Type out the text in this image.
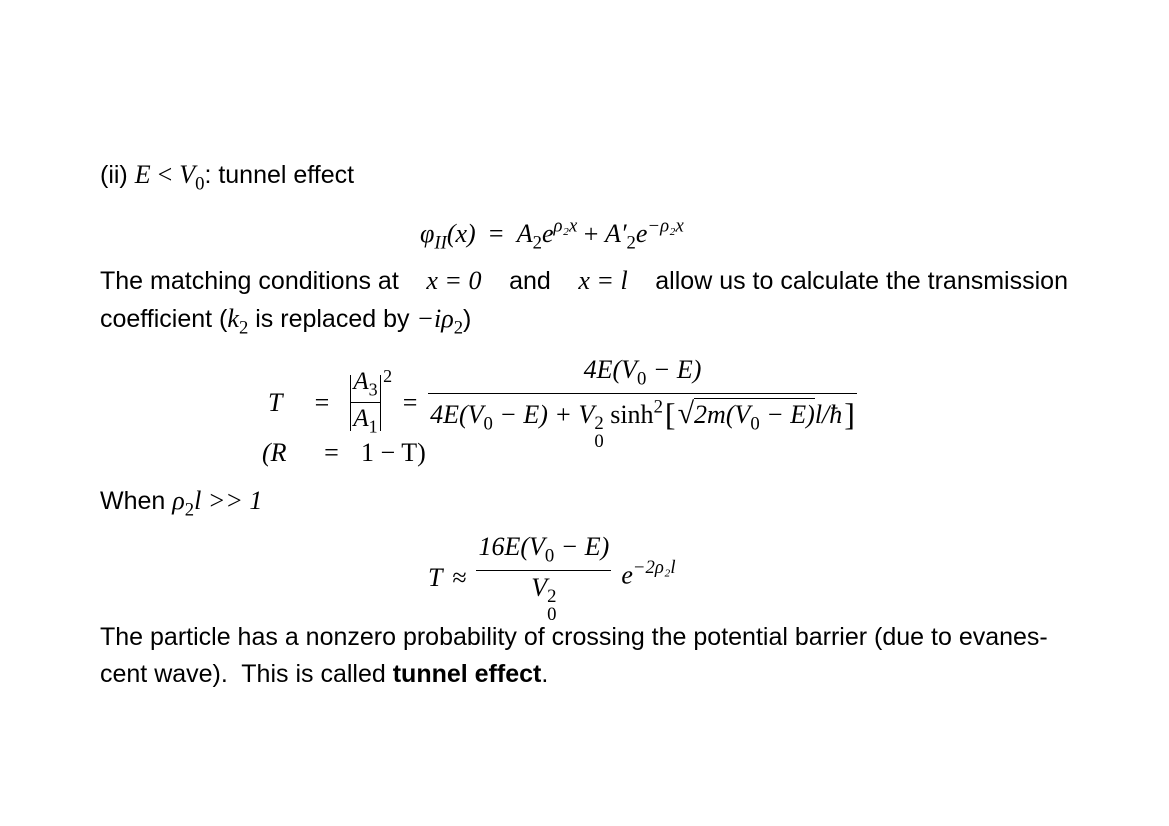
(ii) $E < V_0$: tunnel effect
$\varphi_{II}(x) = A_2e^{\rho_2x} + A'_2e^{-\rho_2x}$
The matching conditions at x = 0 and x = l allow us to calculate the transmission
coefficient ($k_2$ is replaced by $-i\rho_2$)
T	= $\frac{A_3}{A_1} 2$
= $4E(V_0 - E)$
$4E(V_0 - E) + V$ 2
0
$\sinh^2[√2m(V_0$ − E)l/ħ]
(R = 1 − T)
When $\rho_2l >> 1$
$T \approx 16E(V_0 - E)$
V 2
0 $e^{-2\rho_2l}$
The particle has a nonzero probability of crossing the potential barrier (due to evanes-
cent wave).  This is called tunnel effect.
